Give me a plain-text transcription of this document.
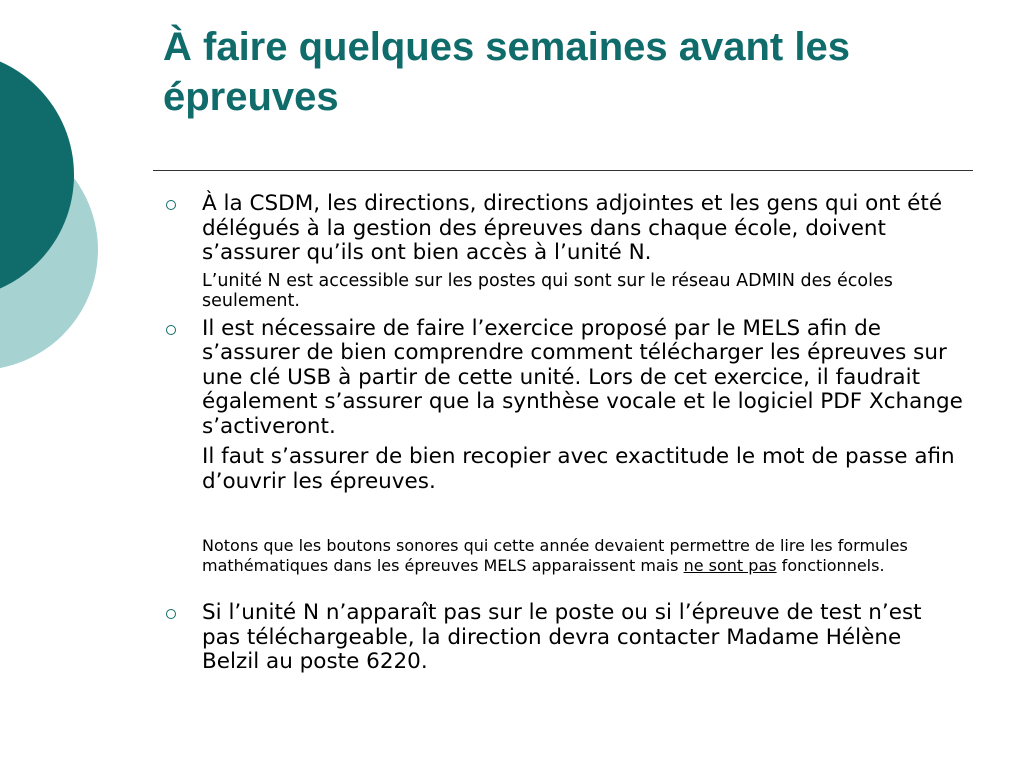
À faire quelques semaines avant les épreuves

À la CSDM, les directions, directions adjointes et les gens qui ont été délégués à la gestion des épreuves dans chaque école, doivent s’assurer qu’ils ont bien accès à l’unité N.

L’unité N est accessible sur les postes qui sont sur le réseau ADMIN des écoles seulement.

Il est nécessaire de faire l’exercice proposé par le MELS afin de s’assurer de bien comprendre comment télécharger les épreuves sur une clé USB à partir de cette unité. Lors de cet exercice, il faudrait également s’assurer que la synthèse vocale et le logiciel PDF Xchange s’activeront.

Il faut s’assurer de bien recopier avec exactitude le mot de passe afin d’ouvrir les épreuves.

Notons que les boutons sonores qui cette année devaient permettre de lire les formules mathématiques dans les épreuves MELS apparaissent mais ne sont pas fonctionnels.

Si l’unité N n’apparaît pas sur le poste ou si l’épreuve de test n’est pas téléchargeable, la direction devra contacter Madame Hélène Belzil au poste 6220.
